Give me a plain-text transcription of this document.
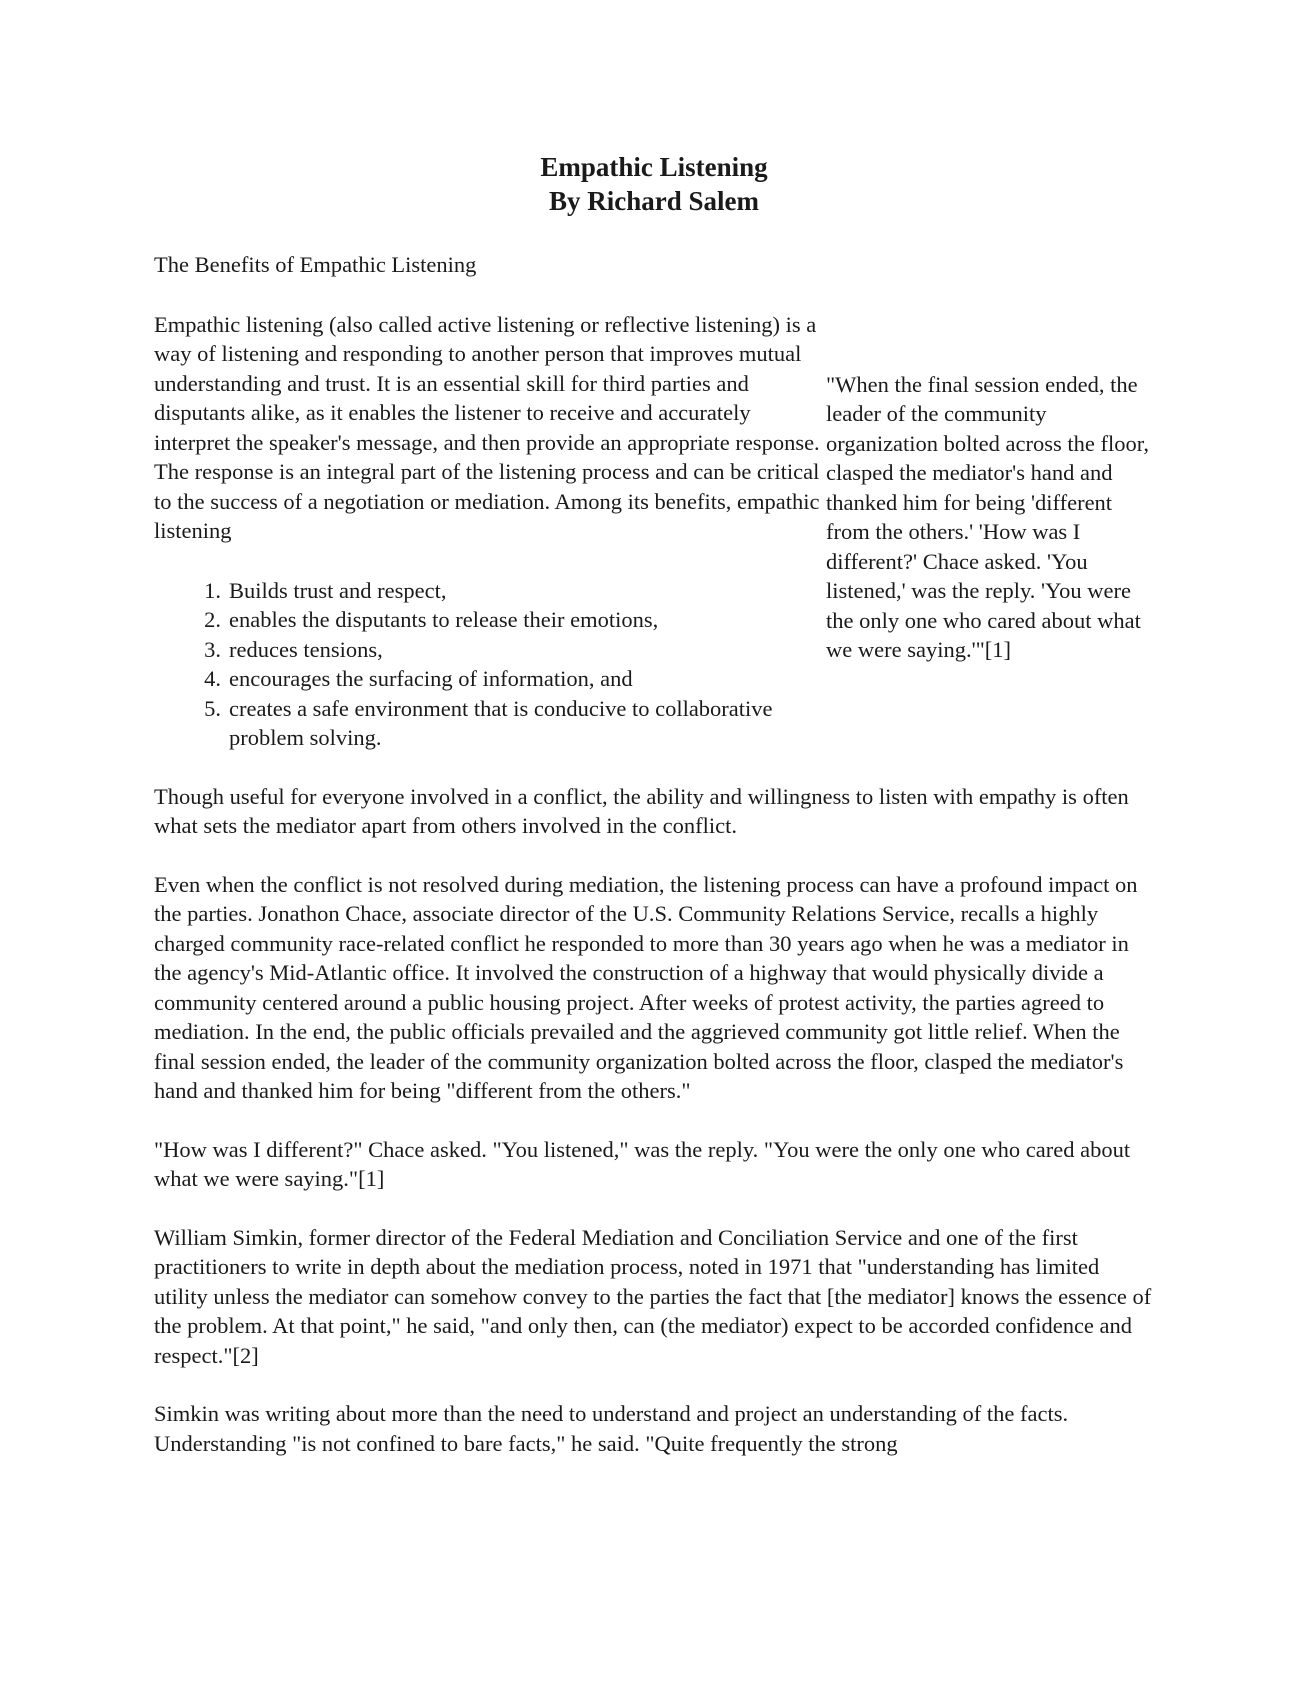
Empathic Listening
By Richard Salem

The Benefits of Empathic Listening

Empathic listening (also called active listening or reflective listening) is a way of listening and responding to another person that improves mutual understanding and trust. It is an essential skill for third parties and disputants alike, as it enables the listener to receive and accurately interpret the speaker's message, and then provide an appropriate response. The response is an integral part of the listening process and can be critical to the success of a negotiation or mediation. Among its benefits, empathic listening

1. Builds trust and respect,
2. enables the disputants to release their emotions,
3. reduces tensions,
4. encourages the surfacing of information, and
5. creates a safe environment that is conducive to collaborative problem solving.

"When the final session ended, the leader of the community organization bolted across the floor, clasped the mediator's hand and thanked him for being 'different from the others.' 'How was I different?' Chace asked. 'You listened,' was the reply. 'You were the only one who cared about what we were saying.'"[1]

Though useful for everyone involved in a conflict, the ability and willingness to listen with empathy is often what sets the mediator apart from others involved in the conflict.

Even when the conflict is not resolved during mediation, the listening process can have a profound impact on the parties. Jonathon Chace, associate director of the U.S. Community Relations Service, recalls a highly charged community race-related conflict he responded to more than 30 years ago when he was a mediator in the agency's Mid-Atlantic office. It involved the construction of a highway that would physically divide a community centered around a public housing project. After weeks of protest activity, the parties agreed to mediation. In the end, the public officials prevailed and the aggrieved community got little relief. When the final session ended, the leader of the community organization bolted across the floor, clasped the mediator's hand and thanked him for being "different from the others."

"How was I different?" Chace asked. "You listened," was the reply. "You were the only one who cared about what we were saying."[1]

William Simkin, former director of the Federal Mediation and Conciliation Service and one of the first practitioners to write in depth about the mediation process, noted in 1971 that "understanding has limited utility unless the mediator can somehow convey to the parties the fact that [the mediator] knows the essence of the problem. At that point," he said, "and only then, can (the mediator) expect to be accorded confidence and respect."[2]

Simkin was writing about more than the need to understand and project an understanding of the facts. Understanding "is not confined to bare facts," he said. "Quite frequently the strong
